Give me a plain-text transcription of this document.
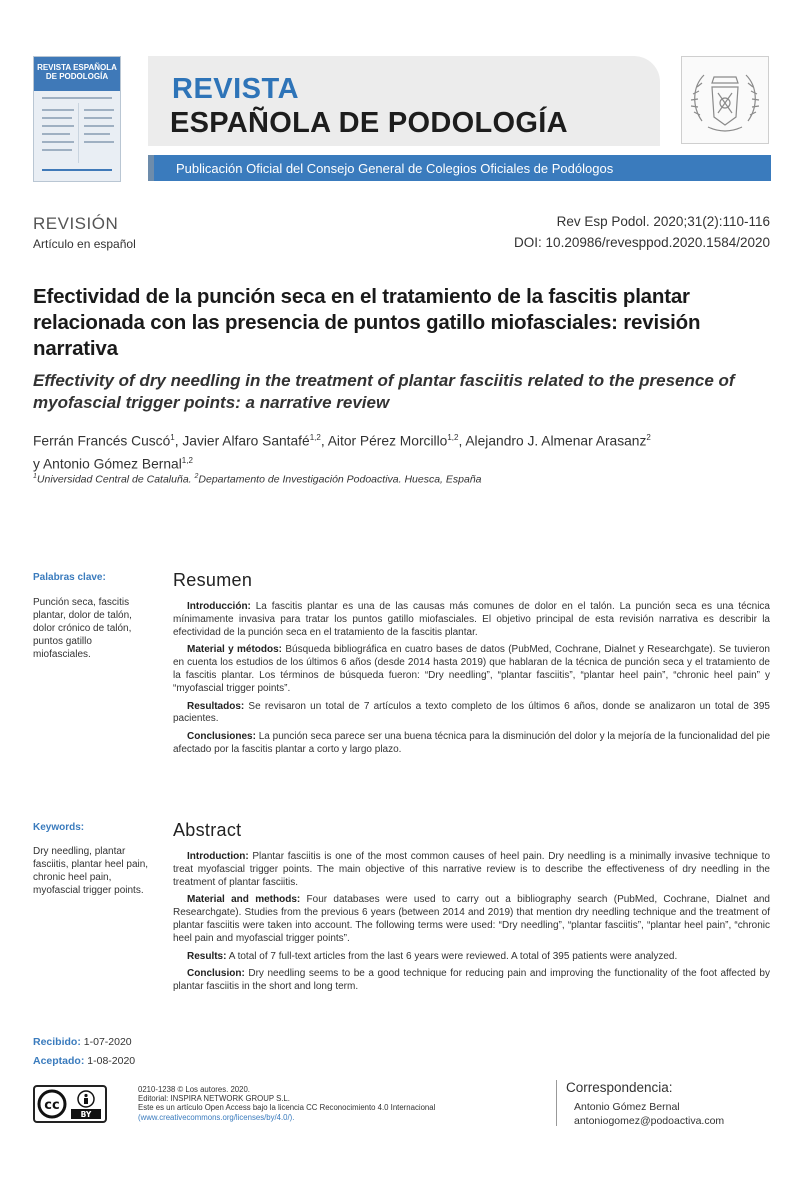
REVISTA ESPAÑOLA DE PODOLOGÍA	REVISTA
ESPAÑOLA DE PODOLOGÍA
Publicación Oficial del Consejo General de Colegios Oficiales de Podólogos
REVISIÓN
Artículo en español
Rev Esp Podol. 2020;31(2):110-116
DOI: 10.20986/revesppod.2020.1584/2020
Efectividad de la punción seca en el tratamiento de la fascitis plantar relacionada con las presencia de puntos gatillo miofasciales: revisión narrativa
Effectivity of dry needling in the treatment of plantar fasciitis related to the presence of myofascial trigger points: a narrative review
Ferrán Francés Cuscó$^1$, Javier Alfaro Santafé$^{1,2}$, Aitor Pérez Morcillo$^{1,2}$, Alejandro J. Almenar Arasanz$^2$
y Antonio Gómez Bernal$^{1,2}$
$^1$Universidad Central de Cataluña. $^2$Departamento de Investigación Podoactiva. Huesca, España
Palabras clave:
Punción seca, fascitis plantar, dolor de talón, dolor crónico de talón, puntos gatillo miofasciales.
Resumen

Introducción: La fascitis plantar es una de las causas más comunes de dolor en el talón. La punción seca es una técnica mínimamente invasiva para tratar los puntos gatillo miofasciales. El objetivo principal de esta revisión narrativa es describir la efectividad de la punción seca en el tratamiento de la fascitis plantar.

Material y métodos: Búsqueda bibliográfica en cuatro bases de datos (PubMed, Cochrane, Dialnet y Researchgate). Se tuvieron en cuenta los estudios de los últimos 6 años (desde 2014 hasta 2019) que hablaran de la técnica de punción seca y el tratamiento de la fascitis plantar. Los términos de búsqueda fueron: “Dry needling”, “plantar fasciitis”, “plantar heel pain”, “chronic heel pain” y “myofascial trigger points”.

Resultados: Se revisaron un total de 7 artículos a texto completo de los últimos 6 años, donde se analizaron un total de 395 pacientes.

Conclusiones: La punción seca parece ser una buena técnica para la disminución del dolor y la mejoría de la funcionalidad del pie afectado por la fascitis plantar a corto y largo plazo.

Keywords:
Dry needling, plantar fasciitis, plantar heel pain, chronic heel pain, myofascial trigger points.
Abstract

Introduction: Plantar fasciitis is one of the most common causes of heel pain. Dry needling is a minimally invasive technique to treat myofascial trigger points. The main objective of this narrative review is to describe the effectiveness of dry needling in the treatment of plantar fasciitis.

Material and methods: Four databases were used to carry out a bibliography search (PubMed, Cochrane, Dialnet and Researchgate). Studies from the previous 6 years (between 2014 and 2019) that mention dry needling technique and the treatment of plantar fasciitis were taken into account. The following terms were used: “Dry needling”, “plantar fasciitis”, “plantar heel pain”, “chronic heel pain and myofascial trigger points”.

Results: A total of 7 full-text articles from the last 6 years were reviewed. A total of 395 patients were analyzed.

Conclusion: Dry needling seems to be a good technique for reducing pain and improving the functionality of the foot affected by plantar fasciitis in the short and long term.

Recibido: 1-07-2020
Aceptado: 1-08-2020
cc
BY
0210-1238 © Los autores. 2020.
Editorial: INSPIRA NETWORK GROUP S.L.
Este es un artículo Open Access bajo la licencia CC Reconocimiento 4.0 Internacional
(www.creativecommons.org/licenses/by/4.0/).
Correspondencia:
Antonio Gómez Bernal
antoniogomez@podoactiva.com
